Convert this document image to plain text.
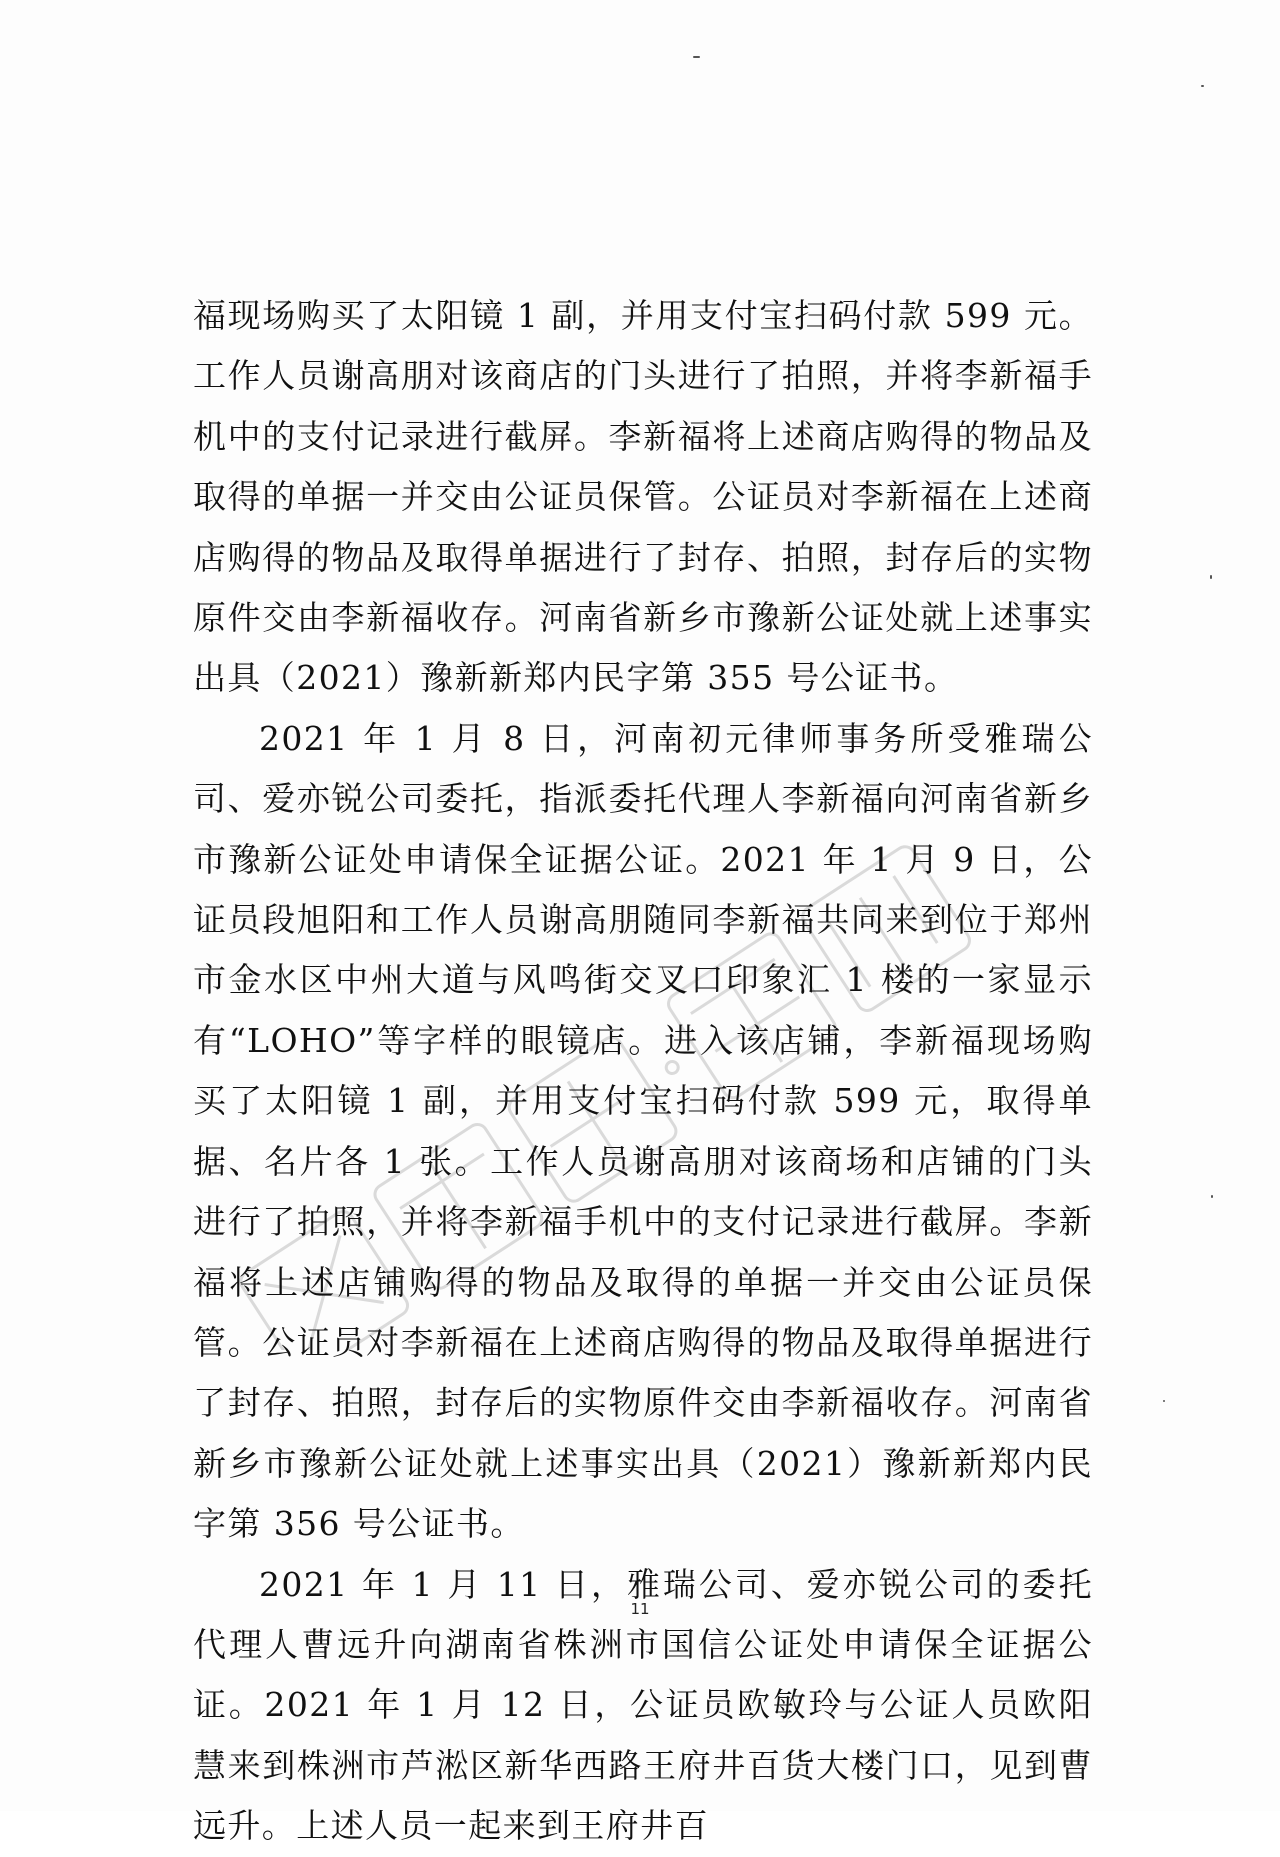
福现场购买了太阳镜 1 副，并用支付宝扫码付款 599 元。工作人员谢高朋对该商店的门头进行了拍照，并将李新福手机中的支付记录进行截屏。李新福将上述商店购得的物品及取得的单据一并交由公证员保管。公证员对李新福在上述商店购得的物品及取得单据进行了封存、拍照，封存后的实物原件交由李新福收存。河南省新乡市豫新公证处就上述事实出具（2021）豫新新郑内民字第 355 号公证书。

2021 年 1 月 8 日，河南初元律师事务所受雅瑞公司、爱亦锐公司委托，指派委托代理人李新福向河南省新乡市豫新公证处申请保全证据公证。2021 年 1 月 9 日，公证员段旭阳和工作人员谢高朋随同李新福共同来到位于郑州市金水区中州大道与风鸣街交叉口印象汇 1 楼的一家显示有“LOHO”等字样的眼镜店。进入该店铺，李新福现场购买了太阳镜 1 副，并用支付宝扫码付款 599 元，取得单据、名片各 1 张。工作人员谢高朋对该商场和店铺的门头进行了拍照，并将李新福手机中的支付记录进行截屏。李新福将上述店铺购得的物品及取得的单据一并交由公证员保管。公证员对李新福在上述商店购得的物品及取得单据进行了封存、拍照，封存后的实物原件交由李新福收存。河南省新乡市豫新公证处就上述事实出具（2021）豫新新郑内民字第 356 号公证书。

2021 年 1 月 11 日，雅瑞公司、爱亦锐公司的委托代理人曹远升向湖南省株洲市国信公证处申请保全证据公证。2021 年 1 月 12 日，公证员欧敏玲与公证人员欧阳慧来到株洲市芦淞区新华西路王府井百货大楼门口，见到曹远升。上述人员一起来到王府井百

11
